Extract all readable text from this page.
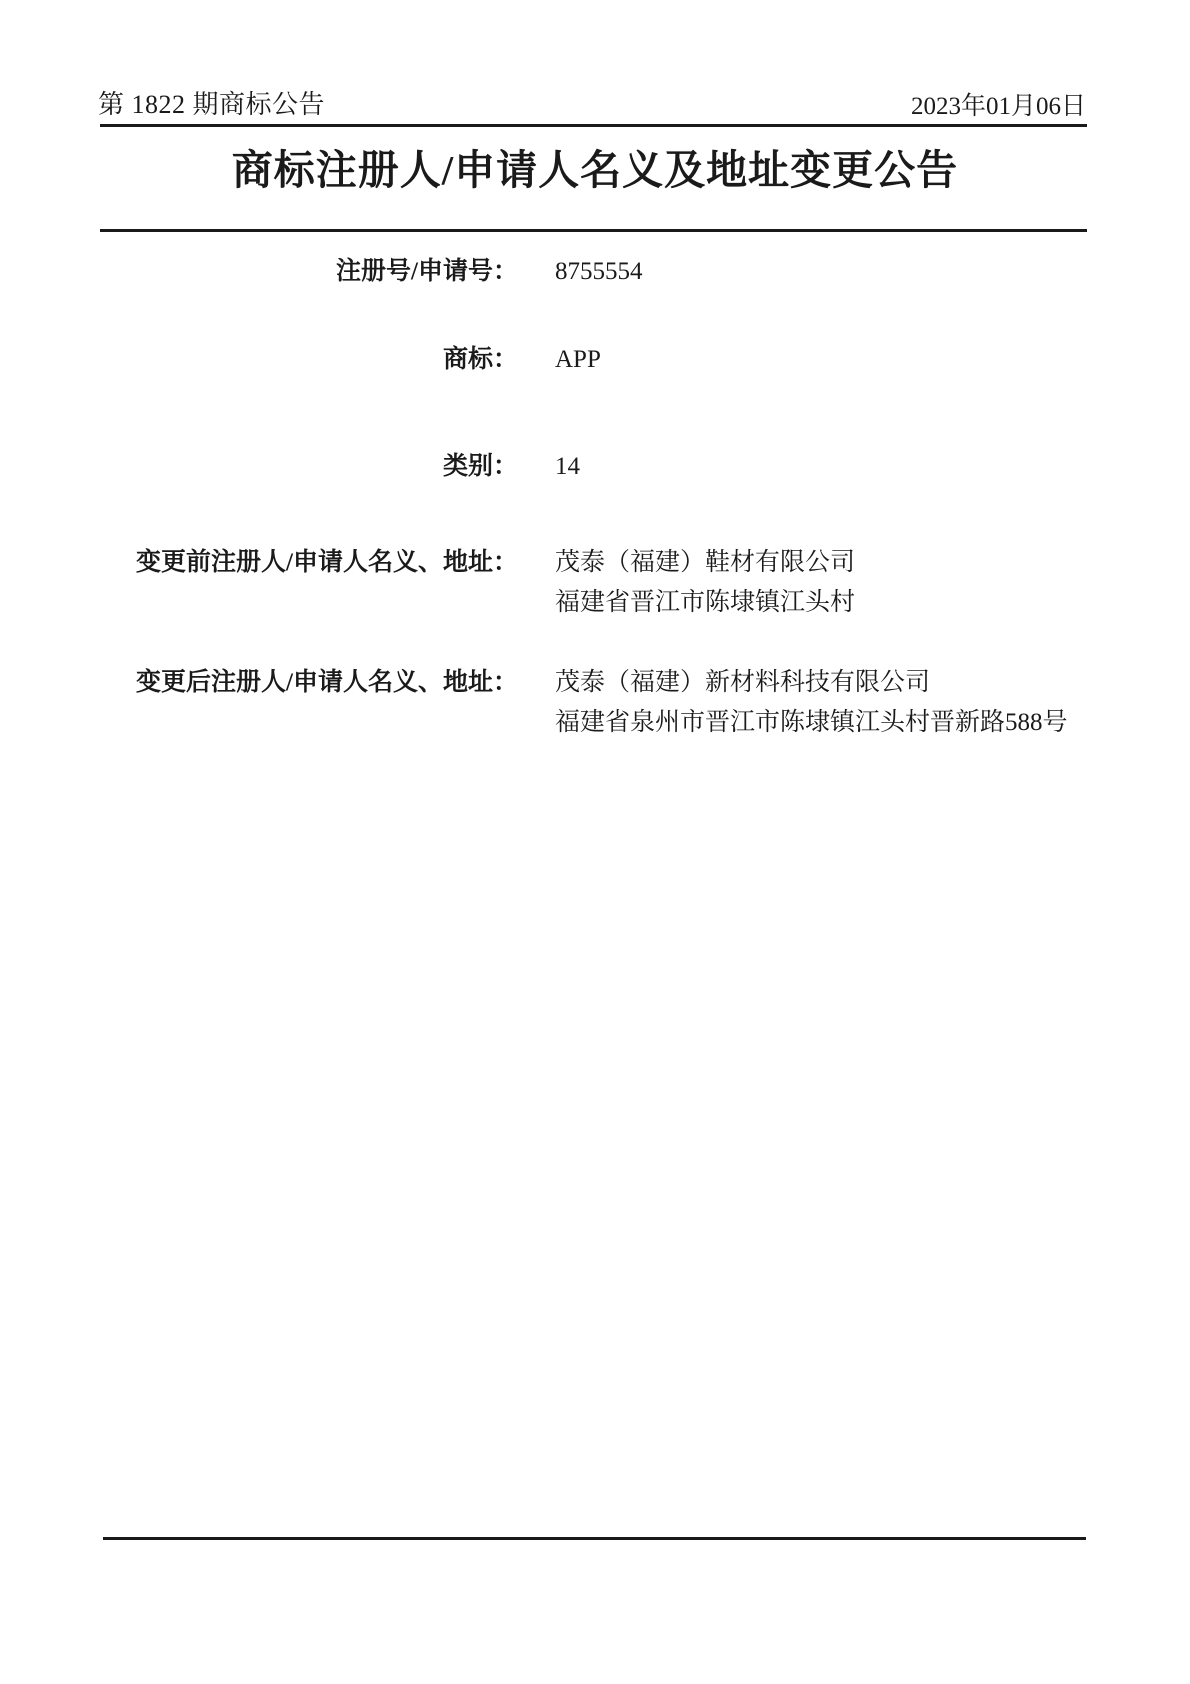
第 1822 期商标公告	2023年01月06日
商标注册人/申请人名义及地址变更公告
注册号/申请号： 8755554
商标： APP
类别： 14
变更前注册人/申请人名义、地址： 茂泰（福建）鞋材有限公司
福建省晋江市陈埭镇江头村
变更后注册人/申请人名义、地址： 茂泰（福建）新材料科技有限公司
福建省泉州市晋江市陈埭镇江头村晋新路588号
